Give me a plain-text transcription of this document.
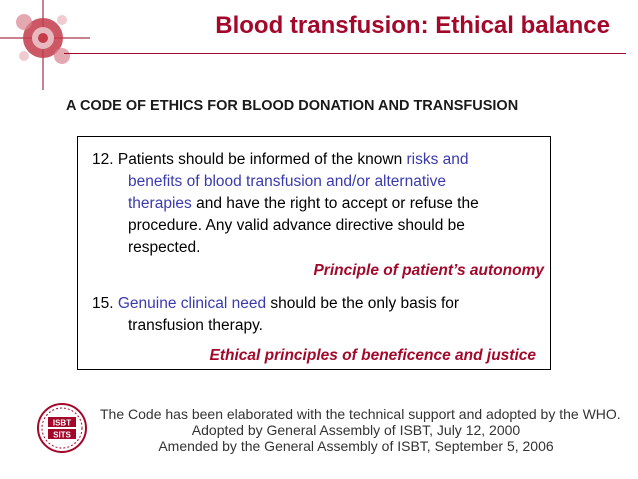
Blood transfusion: Ethical balance
A CODE OF ETHICS FOR BLOOD DONATION AND TRANSFUSION

12. Patients should be informed of the known risks and
benefits of blood transfusion and/or alternative
therapies and have the right to accept or refuse the
procedure. Any valid advance directive should be
respected.

Principle of patient’s autonomy

15. Genuine clinical need should be the only basis for
transfusion therapy.

Ethical principles of beneficence and justice
ISBT
SITS
The Code has been elaborated with the technical support and adopted by the WHO.
Adopted by General Assembly of ISBT, July 12, 2000
Amended by the General Assembly of ISBT, September 5, 2006
